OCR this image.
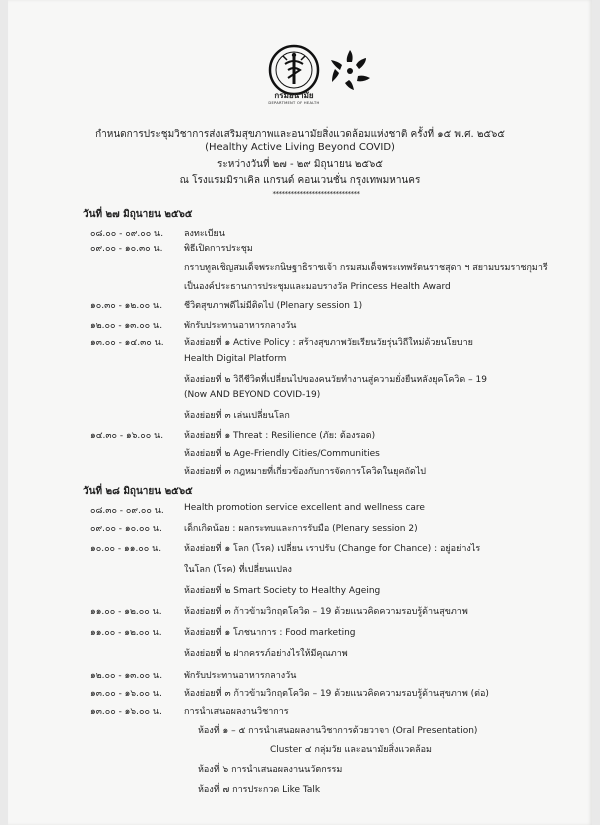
กรมอนามัย
DEPARTMENT OF HEALTH
กำหนดการประชุมวิชาการส่งเสริมสุขภาพและอนามัยสิ่งแวดล้อมแห่งชาติ ครั้งที่ ๑๕ พ.ศ. ๒๕๖๕
(Healthy Active Living Beyond COVID)
ระหว่างวันที่ ๒๗ - ๒๙ มิถุนายน ๒๕๖๕
ณ โรงแรมมิราเคิล แกรนด์ คอนเวนชั่น กรุงเทพมหานคร
*****************************
วันที่ ๒๗ มิถุนายน ๒๕๖๕
๐๘.๐๐ - ๐๙.๐๐ น. ลงทะเบียน
๐๙.๐๐ - ๑๐.๓๐ น. พิธีเปิดการประชุม
กราบทูลเชิญสมเด็จพระกนิษฐาธิราชเจ้า กรมสมเด็จพระเทพรัตนราชสุดา ฯ สยามบรมราชกุมารี
เป็นองค์ประธานการประชุมและมอบรางวัล Princess Health Award
๑๐.๓๐ - ๑๒.๐๐ น. ชีวิตสุขภาพดีไม่มีติดไป (Plenary session 1)
๑๒.๐๐ - ๑๓.๐๐ น. พักรับประทานอาหารกลางวัน
๑๓.๐๐ - ๑๔.๓๐ น. ห้องย่อยที่ ๑ Active Policy : สร้างสุขภาพวัยเรียนวัยรุ่นวิถีใหม่ด้วยนโยบาย
Health Digital Platform
ห้องย่อยที่ ๒ วิถีชีวิตที่เปลี่ยนไปของคนวัยทำงานสู่ความยั่งยืนหลังยุคโควิด – 19
(Now AND BEYOND COVID-19)
ห้องย่อยที่ ๓ เล่นเปลี่ยนโลก
๑๔.๓๐ - ๑๖.๐๐ น. ห้องย่อยที่ ๑ Threat : Resilience (ภัย: ต้องรอด)
ห้องย่อยที่ ๒ Age-Friendly Cities/Communities
ห้องย่อยที่ ๓ กฎหมายที่เกี่ยวข้องกับการจัดการโควิดในยุคถัดไป
วันที่ ๒๘ มิถุนายน ๒๕๖๕
๐๘.๓๐ - ๐๙.๐๐ น. Health promotion service excellent and wellness care
๐๙.๐๐ - ๑๐.๐๐ น. เด็กเกิดน้อย : ผลกระทบและการรับมือ (Plenary session 2)
๑๐.๐๐ - ๑๑.๐๐ น.	ห้องย่อยที่ ๑ โลก (โรค) เปลี่ยน เราปรับ (Change for Chance) : อยู่อย่างไร
ในโลก (โรค) ที่เปลี่ยนแปลง
ห้องย่อยที่ ๒ Smart Society to Healthy Ageing
๑๑.๐๐ - ๑๒.๐๐ น. ห้องย่อยที่ ๓ ก้าวข้ามวิกฤตโควิด – 19 ด้วยแนวคิดความรอบรู้ด้านสุขภาพ
๑๑.๐๐ - ๑๒.๐๐ น. ห้องย่อยที่ ๑ โภชนาการ : Food marketing
ห้องย่อยที่ ๒ ฝากครรภ์อย่างไรให้มีคุณภาพ
๑๒.๐๐ - ๑๓.๐๐ น. พักรับประทานอาหารกลางวัน
๑๓.๐๐ - ๑๖.๐๐ น. ห้องย่อยที่ ๓ ก้าวข้ามวิกฤตโควิด – 19 ด้วยแนวคิดความรอบรู้ด้านสุขภาพ (ต่อ)
๑๓.๐๐ - ๑๖.๐๐ น. การนำเสนอผลงานวิชาการ
ห้องที่ ๑ – ๕ การนำเสนอผลงานวิชาการด้วยวาจา (Oral Presentation)
Cluster ๔ กลุ่มวัย และอนามัยสิ่งแวดล้อม
ห้องที่ ๖ การนำเสนอผลงานนวัตกรรม
ห้องที่ ๗ การประกวด Like Talk
